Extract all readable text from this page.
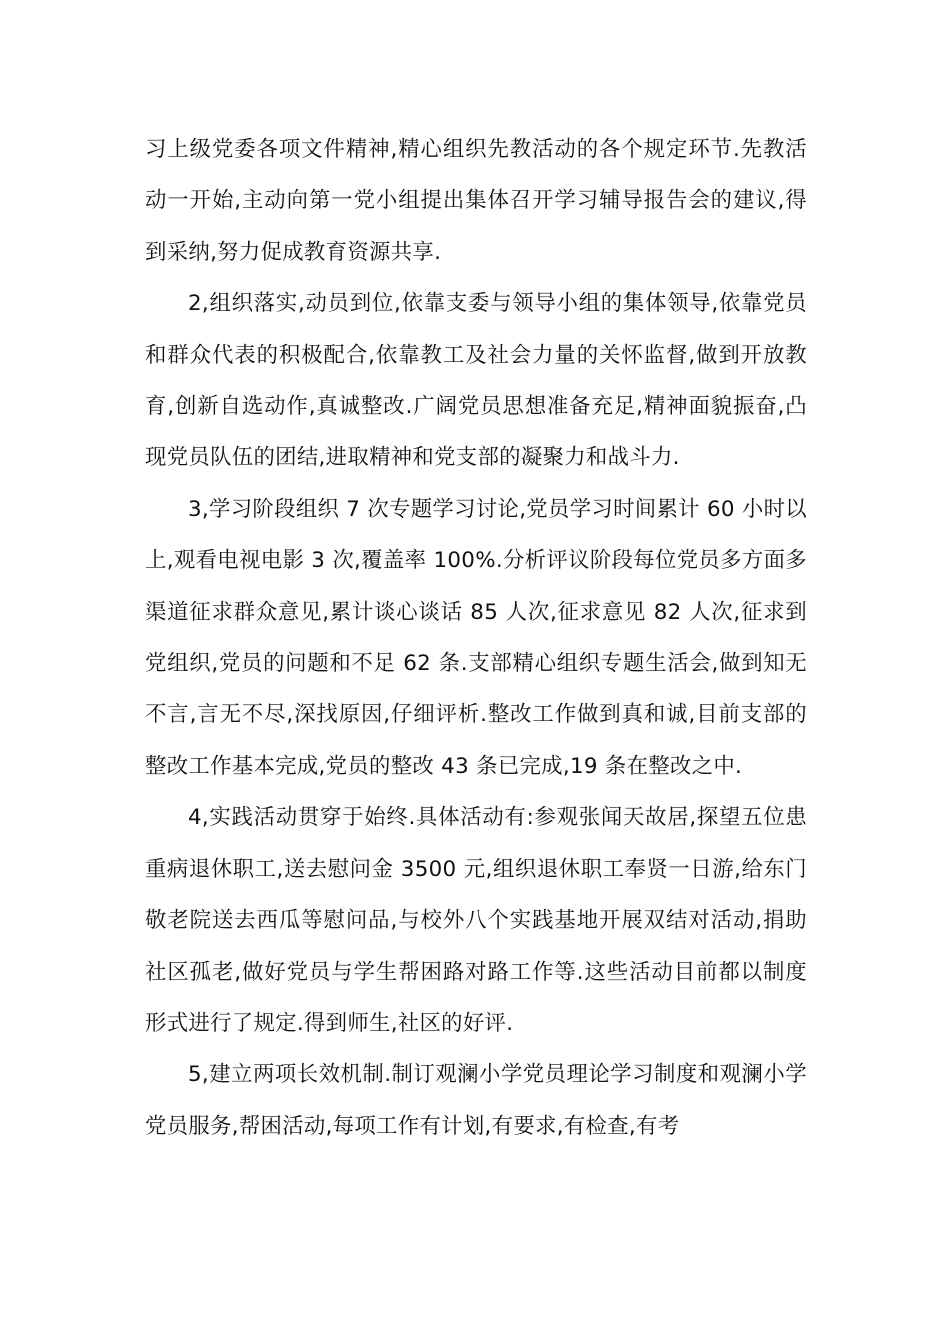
习上级党委各项文件精神,精心组织先教活动的各个规定环节.先教活动一开始,主动向第一党小组提出集体召开学习辅导报告会的建议,得到采纳,努力促成教育资源共享.

2,组织落实,动员到位,依靠支委与领导小组的集体领导,依靠党员和群众代表的积极配合,依靠教工及社会力量的关怀监督,做到开放教育,创新自选动作,真诚整改.广阔党员思想准备充足,精神面貌振奋,凸现党员队伍的团结,进取精神和党支部的凝聚力和战斗力.

3,学习阶段组织 7 次专题学习讨论,党员学习时间累计 60 小时以上,观看电视电影 3 次,覆盖率 100%.分析评议阶段每位党员多方面多渠道征求群众意见,累计谈心谈话 85 人次,征求意见 82 人次,征求到党组织,党员的问题和不足 62 条.支部精心组织专题生活会,做到知无不言,言无不尽,深找原因,仔细评析.整改工作做到真和诚,目前支部的整改工作基本完成,党员的整改 43 条已完成,19 条在整改之中.

4,实践活动贯穿于始终.具体活动有:参观张闻天故居,探望五位患重病退休职工,送去慰问金 3500 元,组织退休职工奉贤一日游,给东门敬老院送去西瓜等慰问品,与校外八个实践基地开展双结对活动,捐助社区孤老,做好党员与学生帮困路对路工作等.这些活动目前都以制度形式进行了规定.得到师生,社区的好评.

5,建立两项长效机制.制订观澜小学党员理论学习制度和观澜小学党员服务,帮困活动,每项工作有计划,有要求,有检查,有考
